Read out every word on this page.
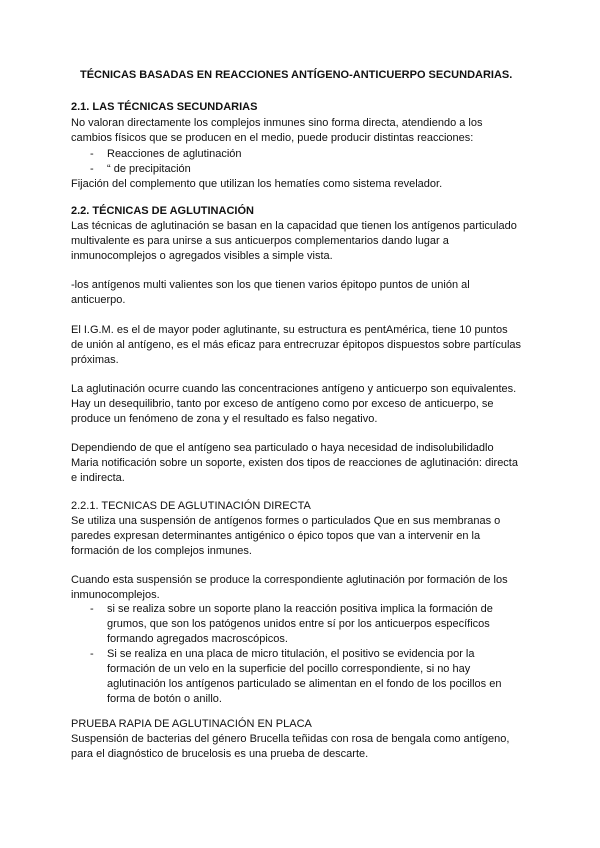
TÉCNICAS BASADAS EN REACCIONES ANTÍGENO-ANTICUERPO SECUNDARIAS.
2.1. LAS TÉCNICAS SECUNDARIAS
No valoran directamente los complejos inmunes sino forma directa, atendiendo a los
cambios físicos que se producen en el medio, puede producir distintas reacciones:
- Reacciones de aglutinación
- “ de precipitación
Fijación del complemento que utilizan los hematíes como sistema revelador.
2.2. TÉCNICAS DE AGLUTINACIÓN
Las técnicas de aglutinación se basan en la capacidad que tienen los antígenos particulado
multivalente es para unirse a sus anticuerpos complementarios dando lugar a
inmunocomplejos o agregados visibles a simple vista.
-los antígenos multi valientes son los que tienen varios épitopo puntos de unión al
anticuerpo.
El I.G.M. es el de mayor poder aglutinante, su estructura es pentAmérica, tiene 10 puntos
de unión al antígeno, es el más eficaz para entrecruzar épitopos dispuestos sobre partículas
próximas.
La aglutinación ocurre cuando las concentraciones antígeno y anticuerpo son equivalentes.
Hay un desequilibrio, tanto por exceso de antígeno como por exceso de anticuerpo, se
produce un fenómeno de zona y el resultado es falso negativo.
Dependiendo de que el antígeno sea particulado o haya necesidad de indisolubilidadlo
Maria notificación sobre un soporte, existen dos tipos de reacciones de aglutinación: directa
e indirecta.
2.2.1. TECNICAS DE AGLUTINACIÓN DIRECTA
Se utiliza una suspensión de antígenos formes o particulados Que en sus membranas o
paredes expresan determinantes antigénico o épico topos que van a intervenir en la
formación de los complejos inmunes.
Cuando esta suspensión se produce la correspondiente aglutinación por formación de los
inmunocomplejos.
- si se realiza sobre un soporte plano la reacción positiva implica la formación de
grumos, que son los patógenos unidos entre sí por los anticuerpos específicos
formando agregados macroscópicos.
- Si se realiza en una placa de micro titulación, el positivo se evidencia por la
formación de un velo en la superficie del pocillo correspondiente, si no hay
aglutinación los antígenos particulado se alimentan en el fondo de los pocillos en
forma de botón o anillo.
PRUEBA RAPIA DE AGLUTINACIÓN EN PLACA
Suspensión de bacterias del género Brucella teñidas con rosa de bengala como antígeno,
para el diagnóstico de brucelosis es una prueba de descarte.
